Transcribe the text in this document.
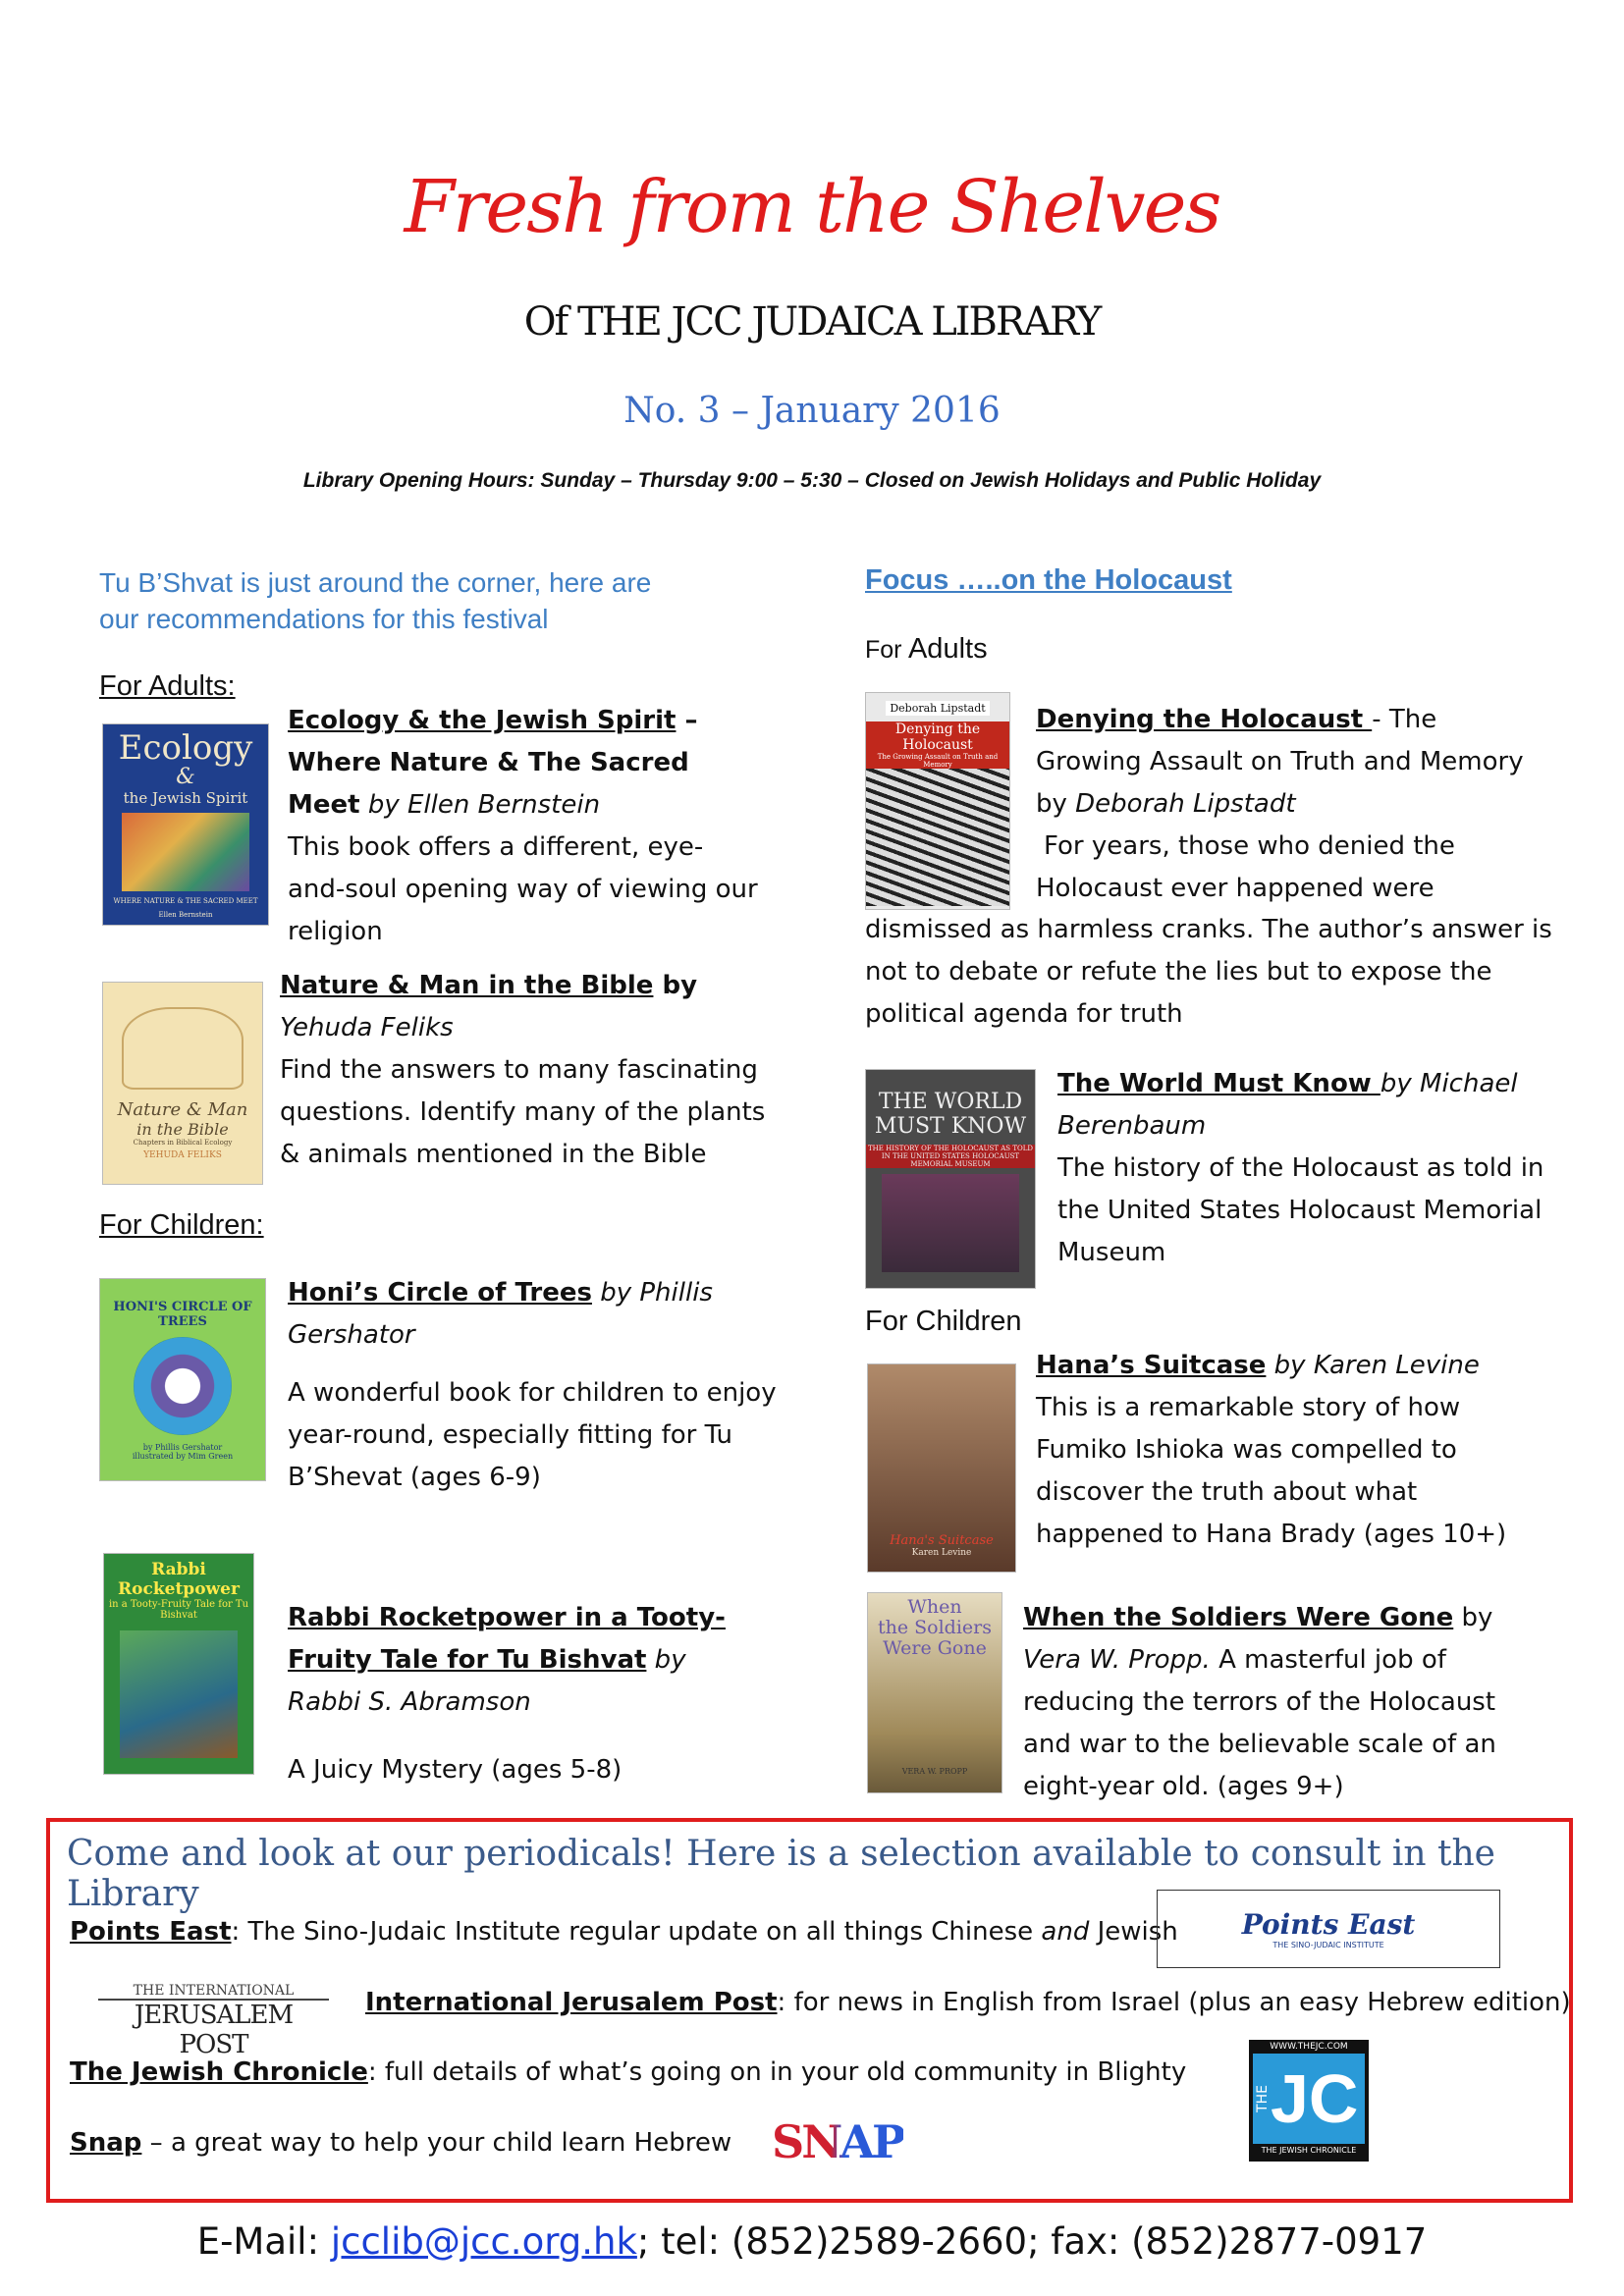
Fresh from the Shelves
Of THE JCC JUDAICA LIBRARY
No. 3 – January 2016
Library Opening Hours: Sunday – Thursday 9:00 – 5:30 – Closed on Jewish Holidays and Public Holiday
Tu B’Shvat is just around the corner, here are
our recommendations for this festival
For Adults:
Ecology
&
the Jewish Spirit
WHERE NATURE & THE SACRED MEET
Ellen Bernstein
Ecology & the Jewish Spirit – Where Nature & The Sacred Meet by Ellen Bernstein
This book offers a different, eye-and-soul opening way of viewing our religion
Nature & Man
in the Bible
Chapters in Biblical Ecology
YEHUDA FELIKS
Nature & Man in the Bible by Yehuda Feliks
Find the answers to many fascinating questions. Identify many of the plants & animals mentioned in the Bible
For Children:
HONI'S CIRCLE OF TREES
by Phillis Gershator
illustrated by Mim Green
Honi’s Circle of Trees by Phillis Gershator
A wonderful book for children to enjoy year-round, especially fitting for Tu B’Shevat (ages 6-9)
Rabbi Rocketpower
in a Tooty-Fruity Tale for Tu Bishvat	Rabbi Rocketpower in a Tooty-Fruity Tale for Tu Bishvat by Rabbi S. Abramson
A Juicy Mystery (ages 5-8)
Focus …..on the Holocaust
For Adults
Deborah Lipstadt
Denying the Holocaust
The Growing Assault on Truth and Memory
Denying the Holocaust - The Growing Assault on Truth and Memory by Deborah Lipstadt
For years, those who denied the
Holocaust ever happened were
dismissed as harmless cranks. The author’s answer is
not to debate or refute the lies but to expose the
political agenda for truth
THE WORLD
MUST KNOW
THE HISTORY OF THE HOLOCAUST AS TOLD IN THE UNITED STATES HOLOCAUST MEMORIAL MUSEUM
The World Must Know by Michael Berenbaum
The history of the Holocaust as told in the United States Holocaust Memorial Museum
For Children
Hana's Suitcase
Karen Levine
Hana’s Suitcase by Karen Levine
This is a remarkable story of how Fumiko Ishioka was compelled to discover the truth about what happened to Hana Brady (ages 10+)
When
the Soldiers
Were Gone
VERA W. PROPP
When the Soldiers Were Gone by Vera W. Propp. A masterful job of reducing the terrors of the Holocaust and war to the believable scale of an eight-year old. (ages 9+)
Come and look at our periodicals! Here is a selection available to consult in the Library
Points East: The Sino-Judaic Institute regular update on all things Chinese and Jewish Points East
THE SINO-JUDAIC INSTITUTE
THE INTERNATIONAL
JERUSALEM POST
International Jerusalem Post: for news in English from Israel (plus an easy Hebrew edition)
The Jewish Chronicle: full details of what’s going on in your old community in Blighty
WWW.THEJC.COM
THE JC
THE JEWISH CHRONICLE
Snap – a great way to help your child learn Hebrew SNAP
E-Mail: jcclib@jcc.org.hk; tel: (852)2589-2660; fax: (852)2877-0917
